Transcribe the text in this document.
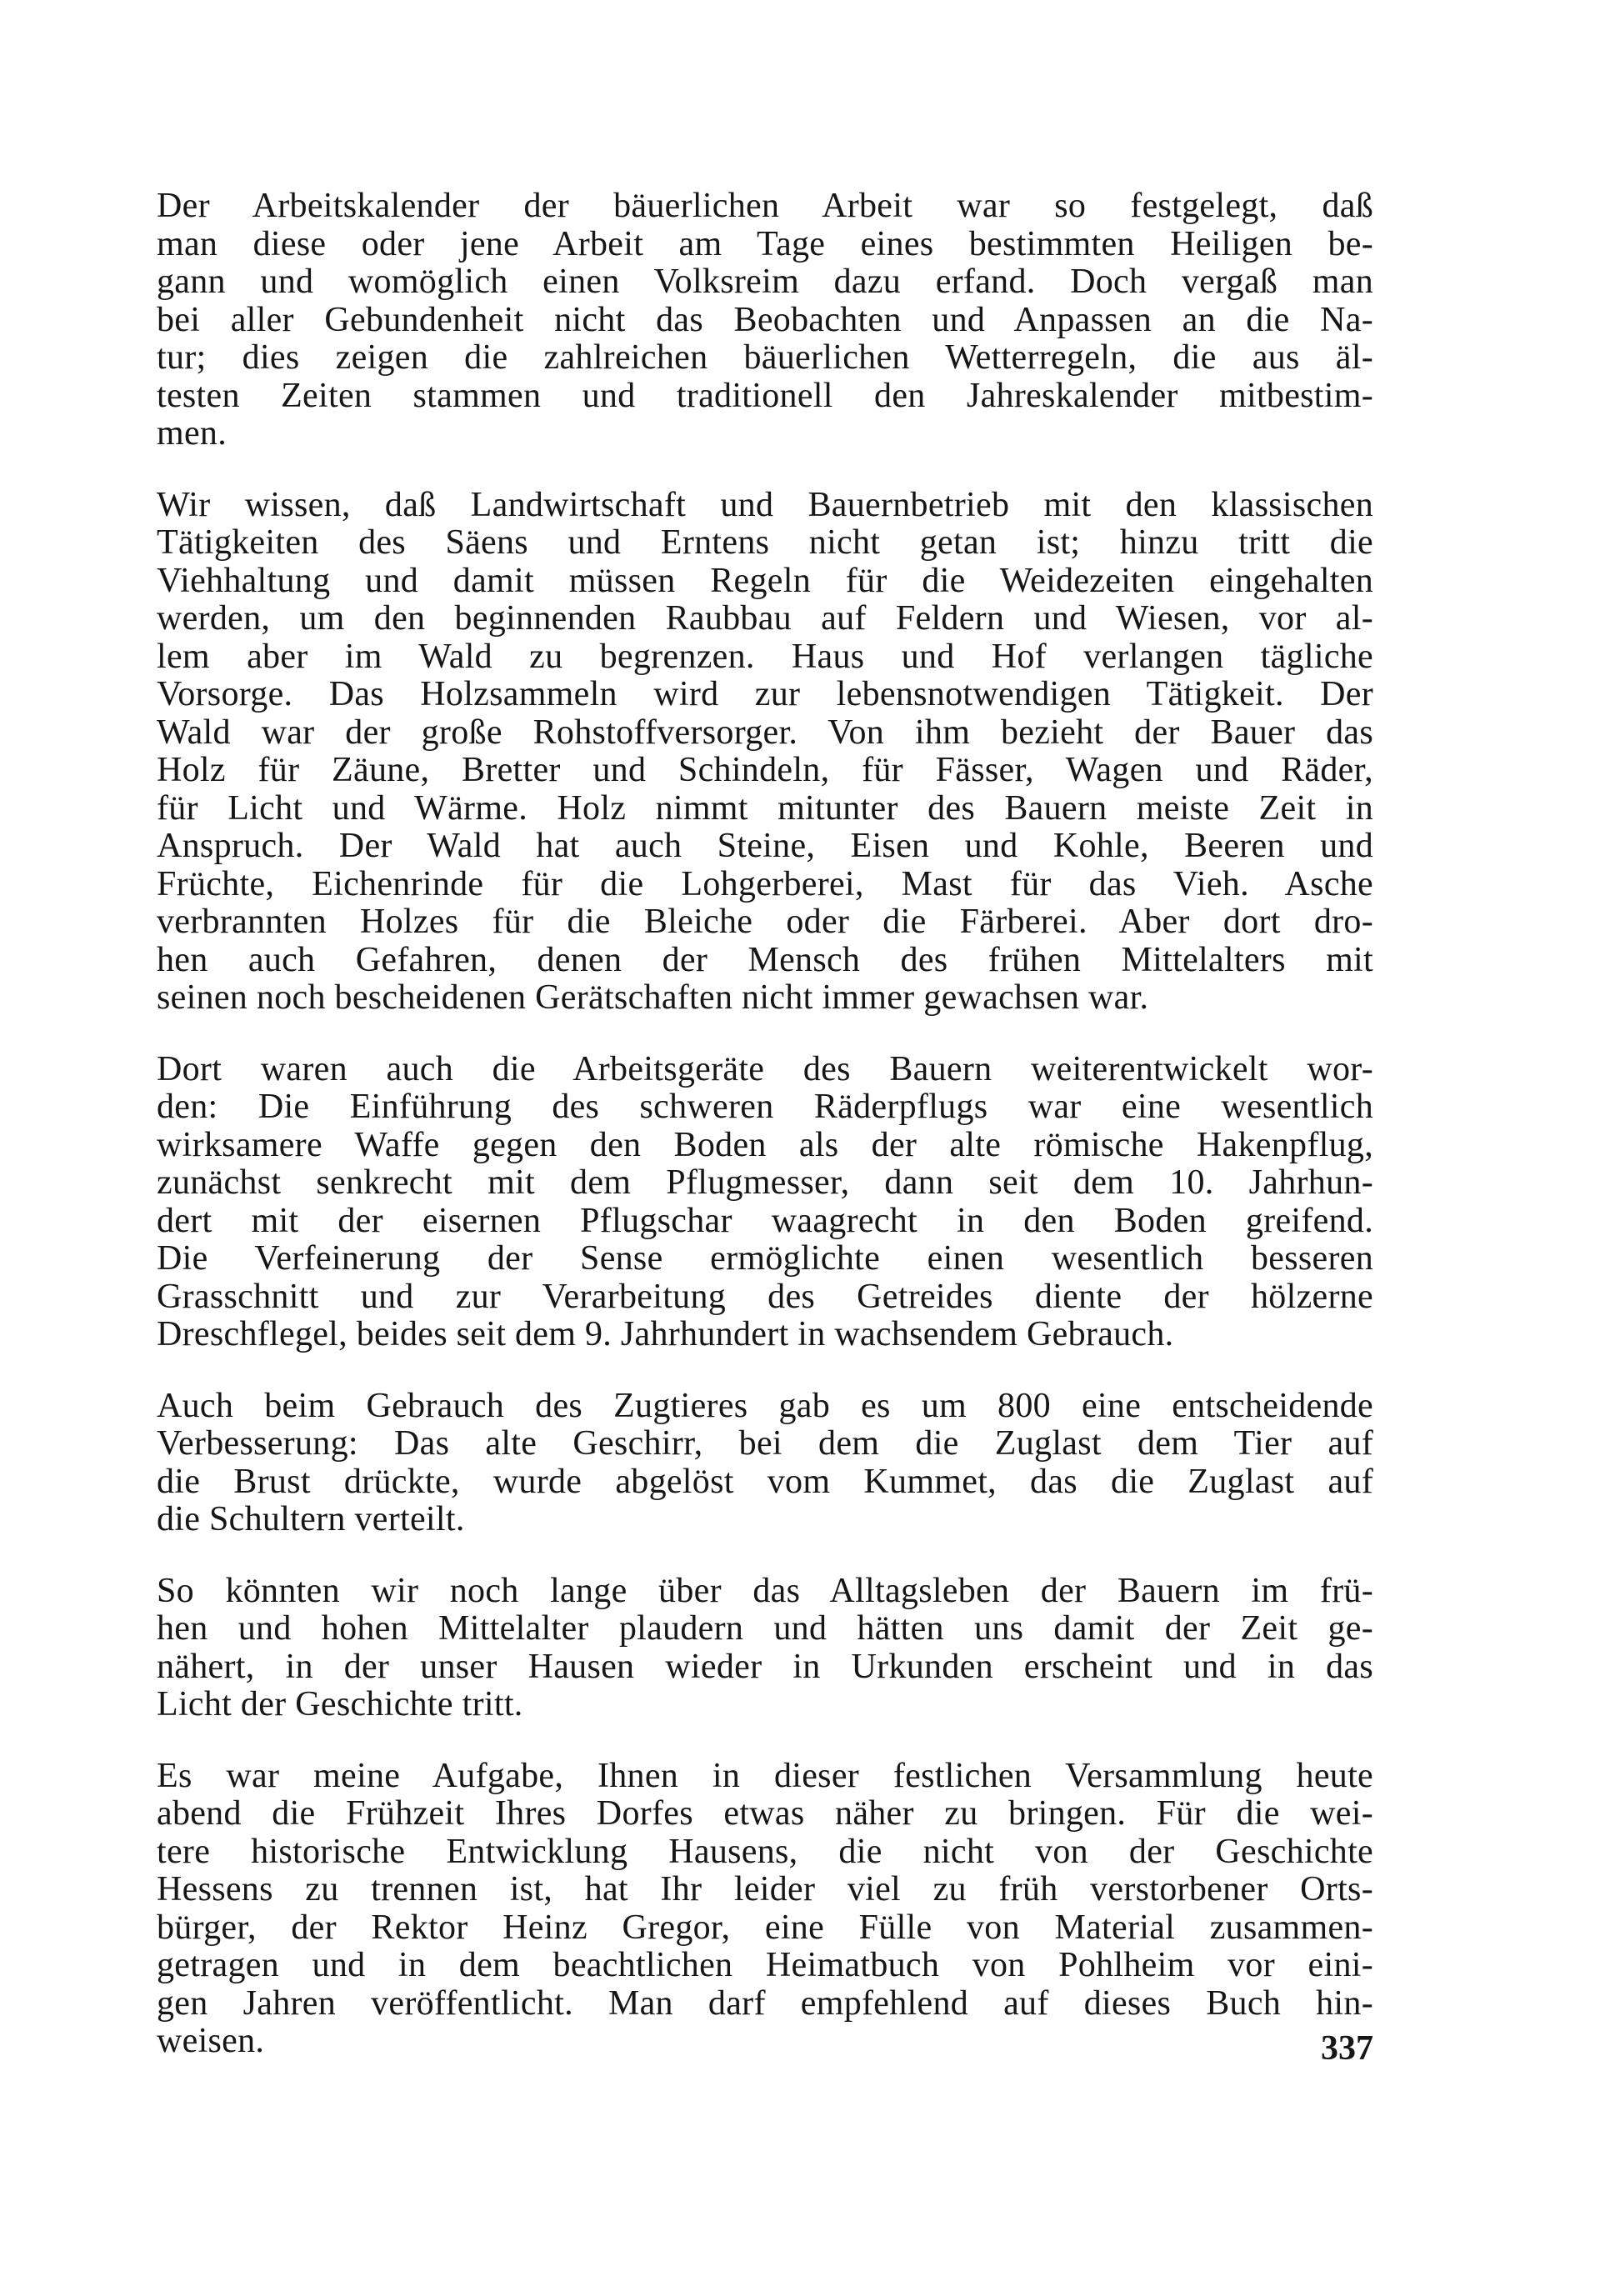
Der Arbeitskalender der bäuerlichen Arbeit war so festgelegt, daß
man diese oder jene Arbeit am Tage eines bestimmten Heiligen be-
gann und womöglich einen Volksreim dazu erfand. Doch vergaß man
bei aller Gebundenheit nicht das Beobachten und Anpassen an die Na-
tur; dies zeigen die zahlreichen bäuerlichen Wetterregeln, die aus äl-
testen Zeiten stammen und traditionell den Jahreskalender mitbestim-
men.

Wir wissen, daß Landwirtschaft und Bauernbetrieb mit den klassischen
Tätigkeiten des Säens und Erntens nicht getan ist; hinzu tritt die
Viehhaltung und damit müssen Regeln für die Weidezeiten eingehalten
werden, um den beginnenden Raubbau auf Feldern und Wiesen, vor al-
lem aber im Wald zu begrenzen. Haus und Hof verlangen tägliche
Vorsorge. Das Holzsammeln wird zur lebensnotwendigen Tätigkeit. Der
Wald war der große Rohstoffversorger. Von ihm bezieht der Bauer das
Holz für Zäune, Bretter und Schindeln, für Fässer, Wagen und Räder,
für Licht und Wärme. Holz nimmt mitunter des Bauern meiste Zeit in
Anspruch. Der Wald hat auch Steine, Eisen und Kohle, Beeren und
Früchte, Eichenrinde für die Lohgerberei, Mast für das Vieh. Asche
verbrannten Holzes für die Bleiche oder die Färberei. Aber dort dro-
hen auch Gefahren, denen der Mensch des frühen Mittelalters mit
seinen noch bescheidenen Gerätschaften nicht immer gewachsen war.

Dort waren auch die Arbeitsgeräte des Bauern weiterentwickelt wor-
den: Die Einführung des schweren Räderpflugs war eine wesentlich
wirksamere Waffe gegen den Boden als der alte römische Hakenpflug,
zunächst senkrecht mit dem Pflugmesser, dann seit dem 10. Jahrhun-
dert mit der eisernen Pflugschar waagrecht in den Boden greifend.
Die Verfeinerung der Sense ermöglichte einen wesentlich besseren
Grasschnitt und zur Verarbeitung des Getreides diente der hölzerne
Dreschflegel, beides seit dem 9. Jahrhundert in wachsendem Gebrauch.

Auch beim Gebrauch des Zugtieres gab es um 800 eine entscheidende
Verbesserung: Das alte Geschirr, bei dem die Zuglast dem Tier auf
die Brust drückte, wurde abgelöst vom Kummet, das die Zuglast auf
die Schultern verteilt.

So könnten wir noch lange über das Alltagsleben der Bauern im frü-
hen und hohen Mittelalter plaudern und hätten uns damit der Zeit ge-
nähert, in der unser Hausen wieder in Urkunden erscheint und in das
Licht der Geschichte tritt.

Es war meine Aufgabe, Ihnen in dieser festlichen Versammlung heute
abend die Frühzeit Ihres Dorfes etwas näher zu bringen. Für die wei-
tere historische Entwicklung Hausens, die nicht von der Geschichte
Hessens zu trennen ist, hat Ihr leider viel zu früh verstorbener Orts-
bürger, der Rektor Heinz Gregor, eine Fülle von Material zusammen-
getragen und in dem beachtlichen Heimatbuch von Pohlheim vor eini-
gen Jahren veröffentlicht. Man darf empfehlend auf dieses Buch hin-
weisen.	337
